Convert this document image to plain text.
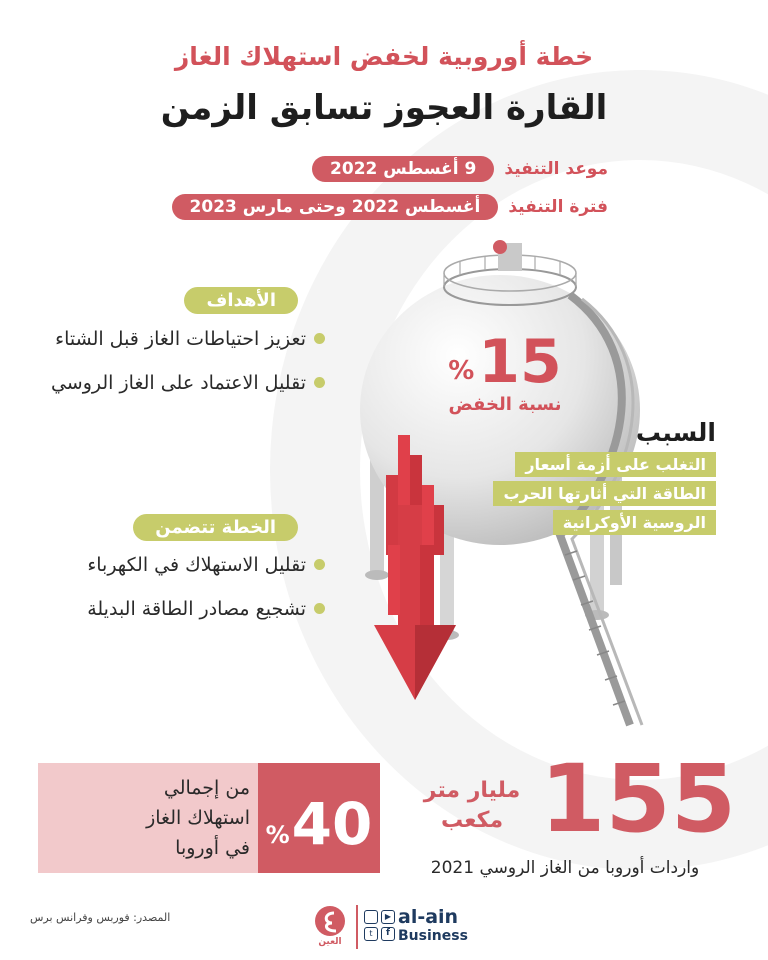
خطة أوروبية لخفض استهلاك الغاز
القارة العجوز تسابق الزمن
موعد التنفيذ
9 أغسطس 2022
فترة التنفيذ
أغسطس 2022 وحتى مارس 2023
% 15
نسبة الخفض
السبب
التغلب على أزمة أسعار
الطاقة التي أثارتها الحرب
الروسية الأوكرانية
الأهداف
تعزيز احتياطات الغاز قبل الشتاء
تقليل الاعتماد على الغاز الروسي
الخطة تتضمن
تقليل الاستهلاك في الكهرباء
تشجيع مصادر الطاقة البديلة
% 40
من إجمالي
استهلاك الغاز
في أوروبا	155
مليار متر
مكعب
واردات أوروبا من الغاز الروسي 2021
المصدر: فوربس وفرانس برس
العين
▶
t	f
al-ain
Business
